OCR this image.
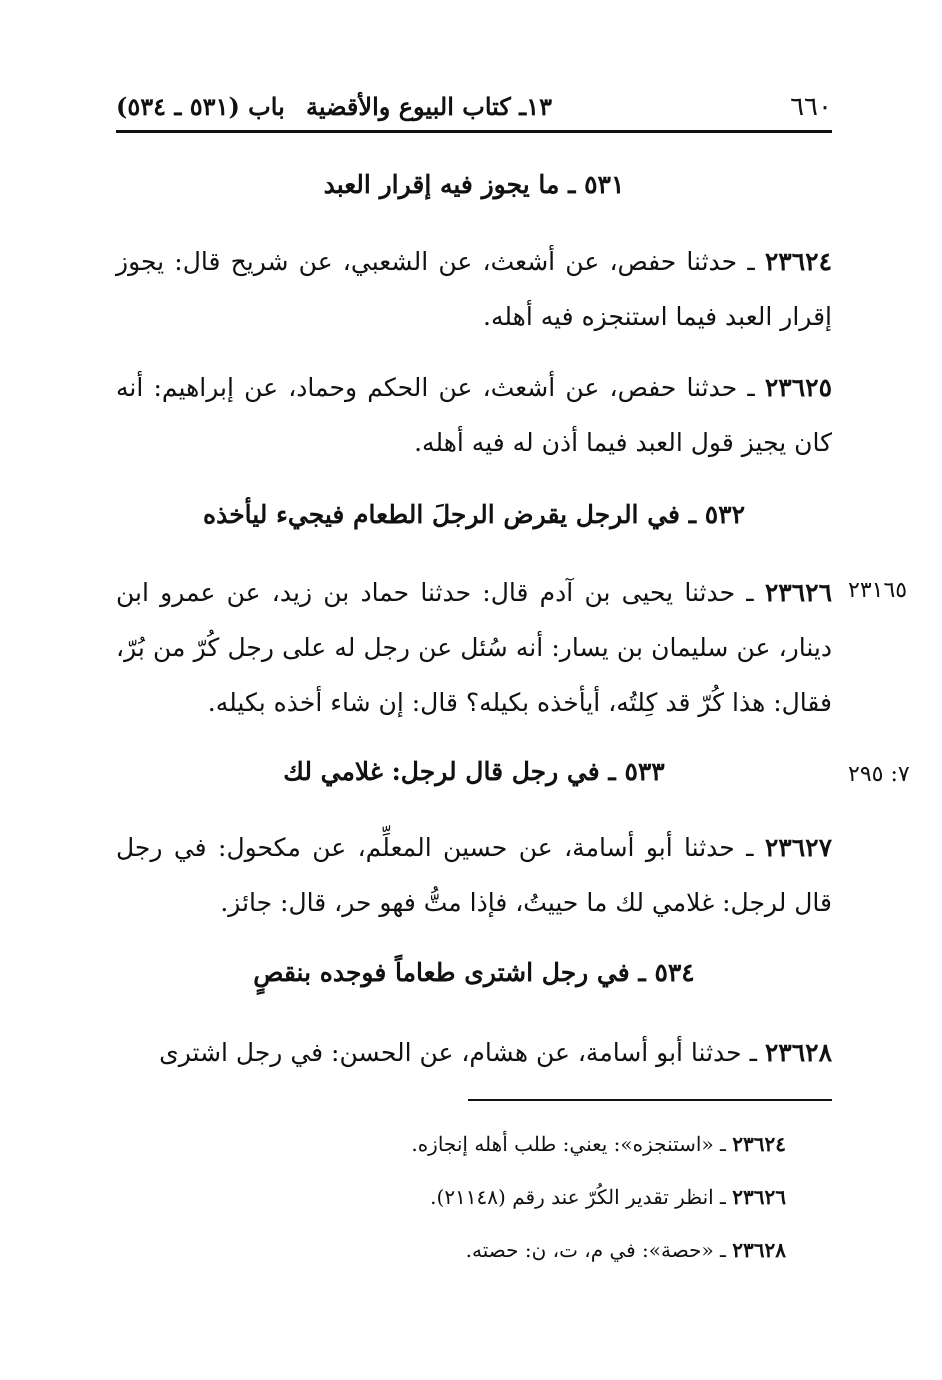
٦٦٠
١٣ـ كتاب البيوع والأقضية
باب (٥٣١ ـ ٥٣٤)
٥٣١ ـ ما يجوز فيه إقرار العبد
٢٣٦٢٤ ـ حدثنا حفص، عن أشعث، عن الشعبي، عن شريح قال: يجوز إقرار العبد فيما استنجزه فيه أهله.
٢٣٦٢٥ ـ حدثنا حفص، عن أشعث، عن الحكم وحماد، عن إبراهيم: أنه كان يجيز قول العبد فيما أذن له فيه أهله.
٥٣٢ ـ في الرجل يقرض الرجلَ الطعام فيجيء ليأخذه
٢٣١٦٥
٢٣٦٢٦ ـ حدثنا يحيى بن آدم قال: حدثنا حماد بن زيد، عن عمرو ابن دينار، عن سليمان بن يسار: أنه سُئل عن رجل له على رجل كُرّ من بُرّ، فقال: هذا كُرّ قد كِلتُه، أيأخذه بكيله؟ قال: إن شاء أخذه بكيله.
٧: ٢٩٥
٥٣٣ ـ في رجل قال لرجل: غلامي لك
٢٣٦٢٧ ـ حدثنا أبو أسامة، عن حسين المعلِّم، عن مكحول: في رجل قال لرجل: غلامي لك ما حييتُ، فإذا متُّ فهو حر، قال: جائز.
٥٣٤ ـ في رجل اشترى طعاماً فوجده بنقصٍ
٢٣٦٢٨ ـ حدثنا أبو أسامة، عن هشام، عن الحسن: في رجل اشترى
٢٣٦٢٤ ـ «استنجزه»: يعني: طلب أهله إنجازه.
٢٣٦٢٦ ـ انظر تقدير الكُرّ عند رقم (٢١١٤٨).
٢٣٦٢٨ ـ «حصة»: في م، ت، ن: حصته.
